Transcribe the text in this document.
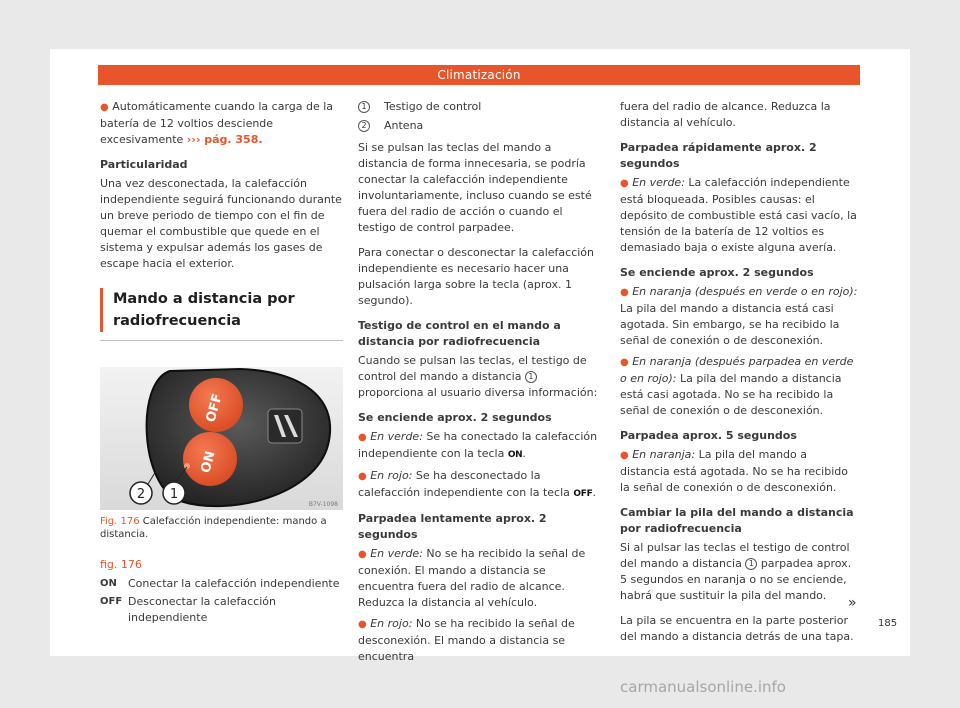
Climatización

● Automáticamente cuando la carga de la batería de 12 voltios desciende excesivamente ››› pág. 358.

Particularidad

Una vez desconectada, la calefacción independiente seguirá funcionando durante un breve periodo de tiempo con el fin de quemar el combustible que quede en el sistema y expulsar además los gases de escape hacia el exterior.

Mando a distancia por radiofrecuencia
OFF
ON
2 1
B7V-1098
Fig. 176 Calefacción independiente: mando a distancia.
fig. 176
ON	Conectar la calefacción independiente
OFF Desconectar la calefacción independiente
1	Testigo de control
2	Antena

Si se pulsan las teclas del mando a distancia de forma innecesaria, se podría conectar la calefacción independiente involuntariamente, incluso cuando se esté fuera del radio de acción o cuando el testigo de control parpadee.

Para conectar o desconectar la calefacción independiente es necesario hacer una pulsación larga sobre la tecla (aprox. 1 segundo).

Testigo de control en el mando a distancia por radiofrecuencia

Cuando se pulsan las teclas, el testigo de control del mando a distancia 1 proporciona al usuario diversa información:

Se enciende aprox. 2 segundos

● En verde: Se ha conectado la calefacción independiente con la tecla ON.

● En rojo: Se ha desconectado la calefacción independiente con la tecla OFF.

Parpadea lentamente aprox. 2 segundos

● En verde: No se ha recibido la señal de conexión. El mando a distancia se encuentra fuera del radio de alcance. Reduzca la distancia al vehículo.

● En rojo: No se ha recibido la señal de desconexión. El mando a distancia se encuentra

fuera del radio de alcance. Reduzca la distancia al vehículo.

Parpadea rápidamente aprox. 2 segundos

● En verde: La calefacción independiente está bloqueada. Posibles causas: el depósito de combustible está casi vacío, la tensión de la batería de 12 voltios es demasiado baja o existe alguna avería.

Se enciende aprox. 2 segundos

● En naranja (después en verde o en rojo): La pila del mando a distancia está casi agotada. Sin embargo, se ha recibido la señal de conexión o de desconexión.

● En naranja (después parpadea en verde o en rojo): La pila del mando a distancia está casi agotada. No se ha recibido la señal de conexión o de desconexión.

Parpadea aprox. 5 segundos

● En naranja: La pila del mando a distancia está agotada. No se ha recibido la señal de conexión o de desconexión.

Cambiar la pila del mando a distancia por radiofrecuencia

Si al pulsar las teclas el testigo de control del mando a distancia 1 parpadea aprox. 5 segundos en naranja o no se enciende, habrá que sustituir la pila del mando.

La pila se encuentra en la parte posterior del mando a distancia detrás de una tapa.

»
185
carmanualsonline.info
